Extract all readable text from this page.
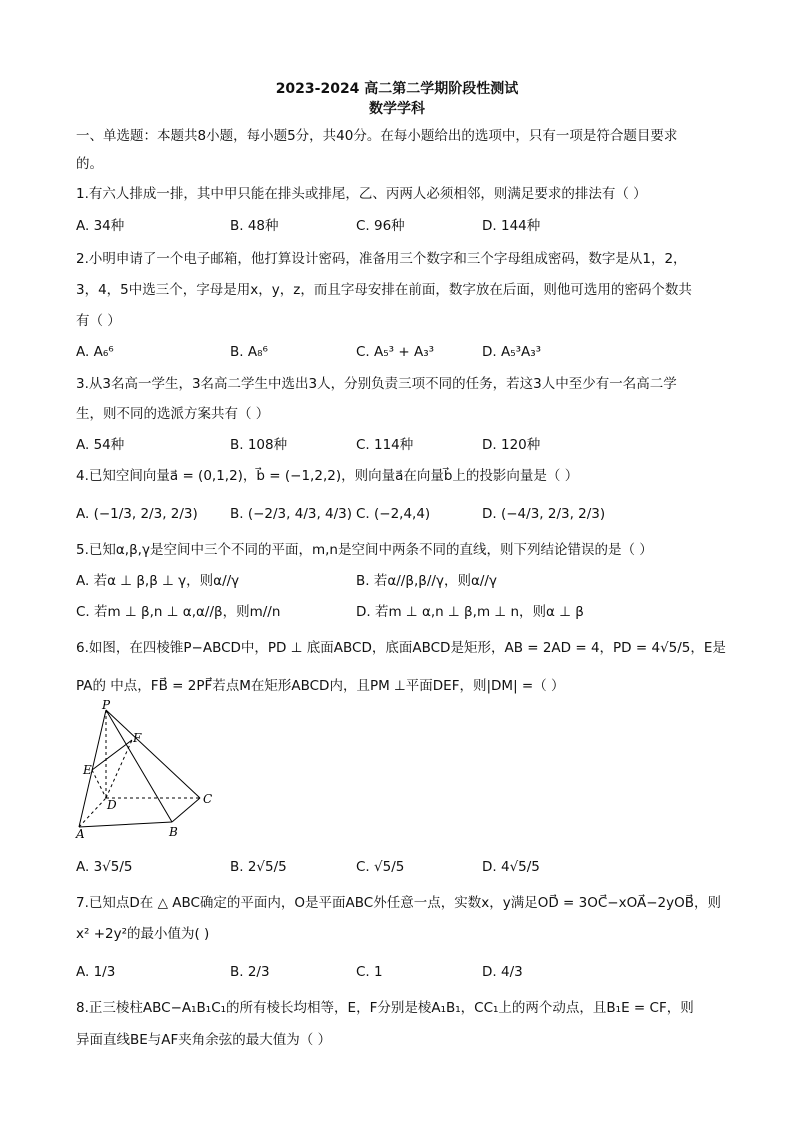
2023-2024 高二第二学期阶段性测试
数学学科
一、单选题：本题共8小题，每小题5分，共40分。在每小题给出的选项中，只有一项是符合题目要求
的。
1.有六人排成一排，其中甲只能在排头或排尾，乙、丙两人必须相邻，则满足要求的排法有（ ）
A. 34种	B. 48种	C. 96种	D. 144种
2.小明申请了一个电子邮箱，他打算设计密码，准备用三个数字和三个字母组成密码，数字是从1，2，
3，4，5中选三个，字母是用x，y，z，而且字母安排在前面，数字放在后面，则他可选用的密码个数共
有（ ）
A. A₆⁶	B. A₈⁶	C. A₅³ + A₃³	D. A₅³A₃³
3.从3名高一学生，3名高二学生中选出3人，分别负责三项不同的任务，若这3人中至少有一名高二学
生，则不同的选派方案共有（ ）
A. 54种	B. 108种	C. 114种	D. 120种
4.已知空间向量a⃗ = (0,1,2)，b⃗ = (−1,2,2)，则向量a⃗在向量b⃗上的投影向量是（ ）
A. (−1/3, 2/3, 2/3) B. (−2/3, 4/3, 4/3) C. (−2,4,4)	D. (−4/3, 2/3, 2/3)
5.已知α,β,γ是空间中三个不同的平面，m,n是空间中两条不同的直线，则下列结论错误的是（ ）
A. 若α ⊥ β,β ⊥ γ，则α//γ	B. 若α//β,β//γ，则α//γ
C. 若m ⊥ β,n ⊥ α,α//β，则m//n	D. 若m ⊥ α,n ⊥ β,m ⊥ n，则α ⊥ β
6.如图，在四棱锥P−ABCD中，PD ⊥ 底面ABCD，底面ABCD是矩形，AB = 2AD = 4，PD = 4√5/5，E是
PA的 中点，FB⃗ = 2PF⃗若点M在矩形ABCD内，且PM ⊥平面DEF，则|DM| =（ ）
P
F
E
D	C
A	B
A. 3√5/5	B. 2√5/5	C. √5/5	D. 4√5/5
7.已知点D在 △ ABC确定的平面内，O是平面ABC外任意一点，实数x，y满足OD⃗ = 3OC⃗−xOA⃗−2yOB⃗，则
x² +2y²的最小值为( )
A. 1/3	B. 2/3	C. 1	D. 4/3
8.正三棱柱ABC−A₁B₁C₁的所有棱长均相等，E，F分别是棱A₁B₁，CC₁上的两个动点，且B₁E = CF，则
异面直线BE与AF夹角余弦的最大值为（ ）
